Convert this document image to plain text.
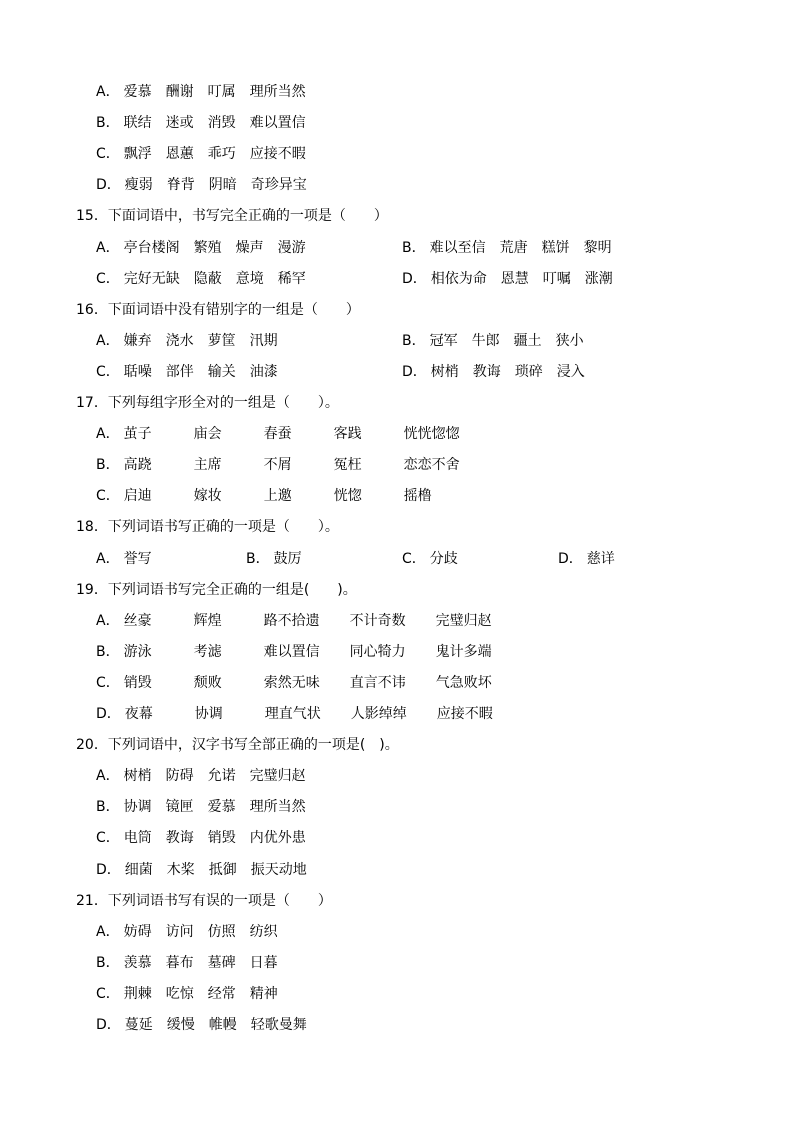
A． 爱慕 酬谢 叮属 理所当然
B． 联结 迷或 消毁 难以置信
C． 飘浮 恩蕙 乖巧 应接不暇
D． 瘦弱 脊背 阴暗 奇珍异宝
15．下面词语中，书写完全正确的一项是（　　）
A． 亭台楼阁 繁殖 燥声 漫游	B． 难以至信 荒唐 糕饼 黎明
C． 完好无缺 隐蔽 意境 稀罕	D． 相依为命 恩慧 叮嘱 涨潮
16．下面词语中没有错别字的一组是（　　）
A． 嫌弃 浇水 萝筐 汛期	B． 冠军 牛郎 疆土 狭小
C． 聒噪 部伴 输关 油漆	D． 树梢 教诲 琐碎 浸入
17．下列每组字形全对的一组是（　　）。
A． 茧子	庙会	春蚕	客践	恍恍惚惚
B． 高跷	主席	不屑	冤枉	恋恋不舍
C． 启迪	嫁妆	上邀	恍惚	摇橹
18．下列词语书写正确的一项是（　　）。
A． 誉写	B． 鼓厉	C． 分歧	D． 慈详
19．下列词语书写完全正确的一组是(　　)。
A． 丝豪	辉煌	路不拾遗 不计奇数 完璧归赵
B． 游泳	考滤	难以置信 同心犄力 鬼计多端
C． 销毁	颓败	索然无味 直言不讳 气急败坏
D． 夜幕	协调	理直气状 人影绰绰 应接不暇
20．下列词语中，汉字书写全部正确的一项是(　)。
A． 树梢 防碍 允诺 完璧归赵
B． 协调 镜匣 爱慕 理所当然
C． 电筒 教诲 销毁 内优外患
D． 细菌 木桨 抵御 振天动地
21．下列词语书写有误的一项是（　　）
A． 妨碍 访问 仿照 纺织
B． 羡慕 暮布 墓碑 日暮
C． 荆棘 吃惊 经常 精神
D． 蔓延 缓慢 帷幔 轻歌曼舞
